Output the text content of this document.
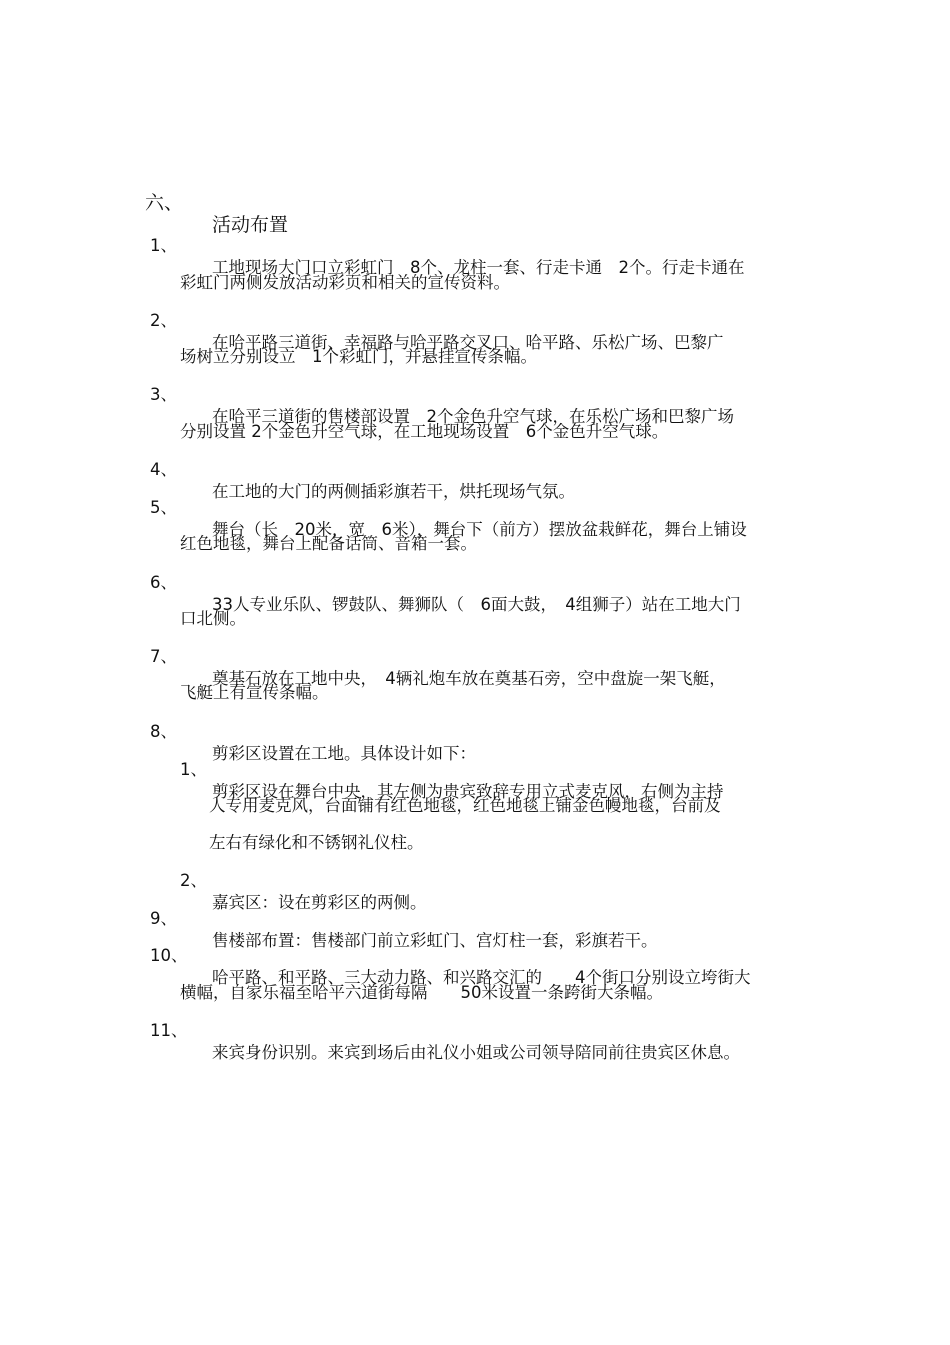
六、

活动布置

1、

工地现场大门口立彩虹门　8个、龙柱一套、行走卡通　2个。行走卡通在

彩虹门两侧发放活动彩页和相关的宣传资料。

2、

在哈平路三道街、幸福路与哈平路交叉口、哈平路、乐松广场、巴黎广

场树立分别设立　1个彩虹门，并悬挂宣传条幅。

3、

在哈平三道街的售楼部设置　2个金色升空气球，在乐松广场和巴黎广场

分别设置 2个金色升空气球，在工地现场设置　6个金色升空气球。

4、

在工地的大门的两侧插彩旗若干，烘托现场气氛。

5、

舞台（长　20米，宽　6米），舞台下（前方）摆放盆栽鲜花，舞台上铺设

红色地毯，舞台上配备话筒、音箱一套。

6、

33人专业乐队、锣鼓队、舞狮队（　6面大鼓，　4组狮子）站在工地大门

口北侧。

7、

奠基石放在工地中央，　4辆礼炮车放在奠基石旁，空中盘旋一架飞艇，

飞艇上有宣传条幅。

8、

剪彩区设置在工地。具体设计如下：

1、

剪彩区设在舞台中央，其左侧为贵宾致辞专用立式麦克风，右侧为主持

人专用麦克风，台面铺有红色地毯，红色地毯上铺金色幔地毯，台前及

左右有绿化和不锈钢礼仪柱。

2、

嘉宾区：设在剪彩区的两侧。

9、

售楼部布置：售楼部门前立彩虹门、宫灯柱一套，彩旗若干。

10、

哈平路、和平路、三大动力路、和兴路交汇的　　4个街口分别设立垮街大

横幅，自家乐福至哈平六道街每隔　　50米设置一条跨街大条幅。

11、

来宾身份识别。来宾到场后由礼仪小姐或公司领导陪同前往贵宾区休息。
